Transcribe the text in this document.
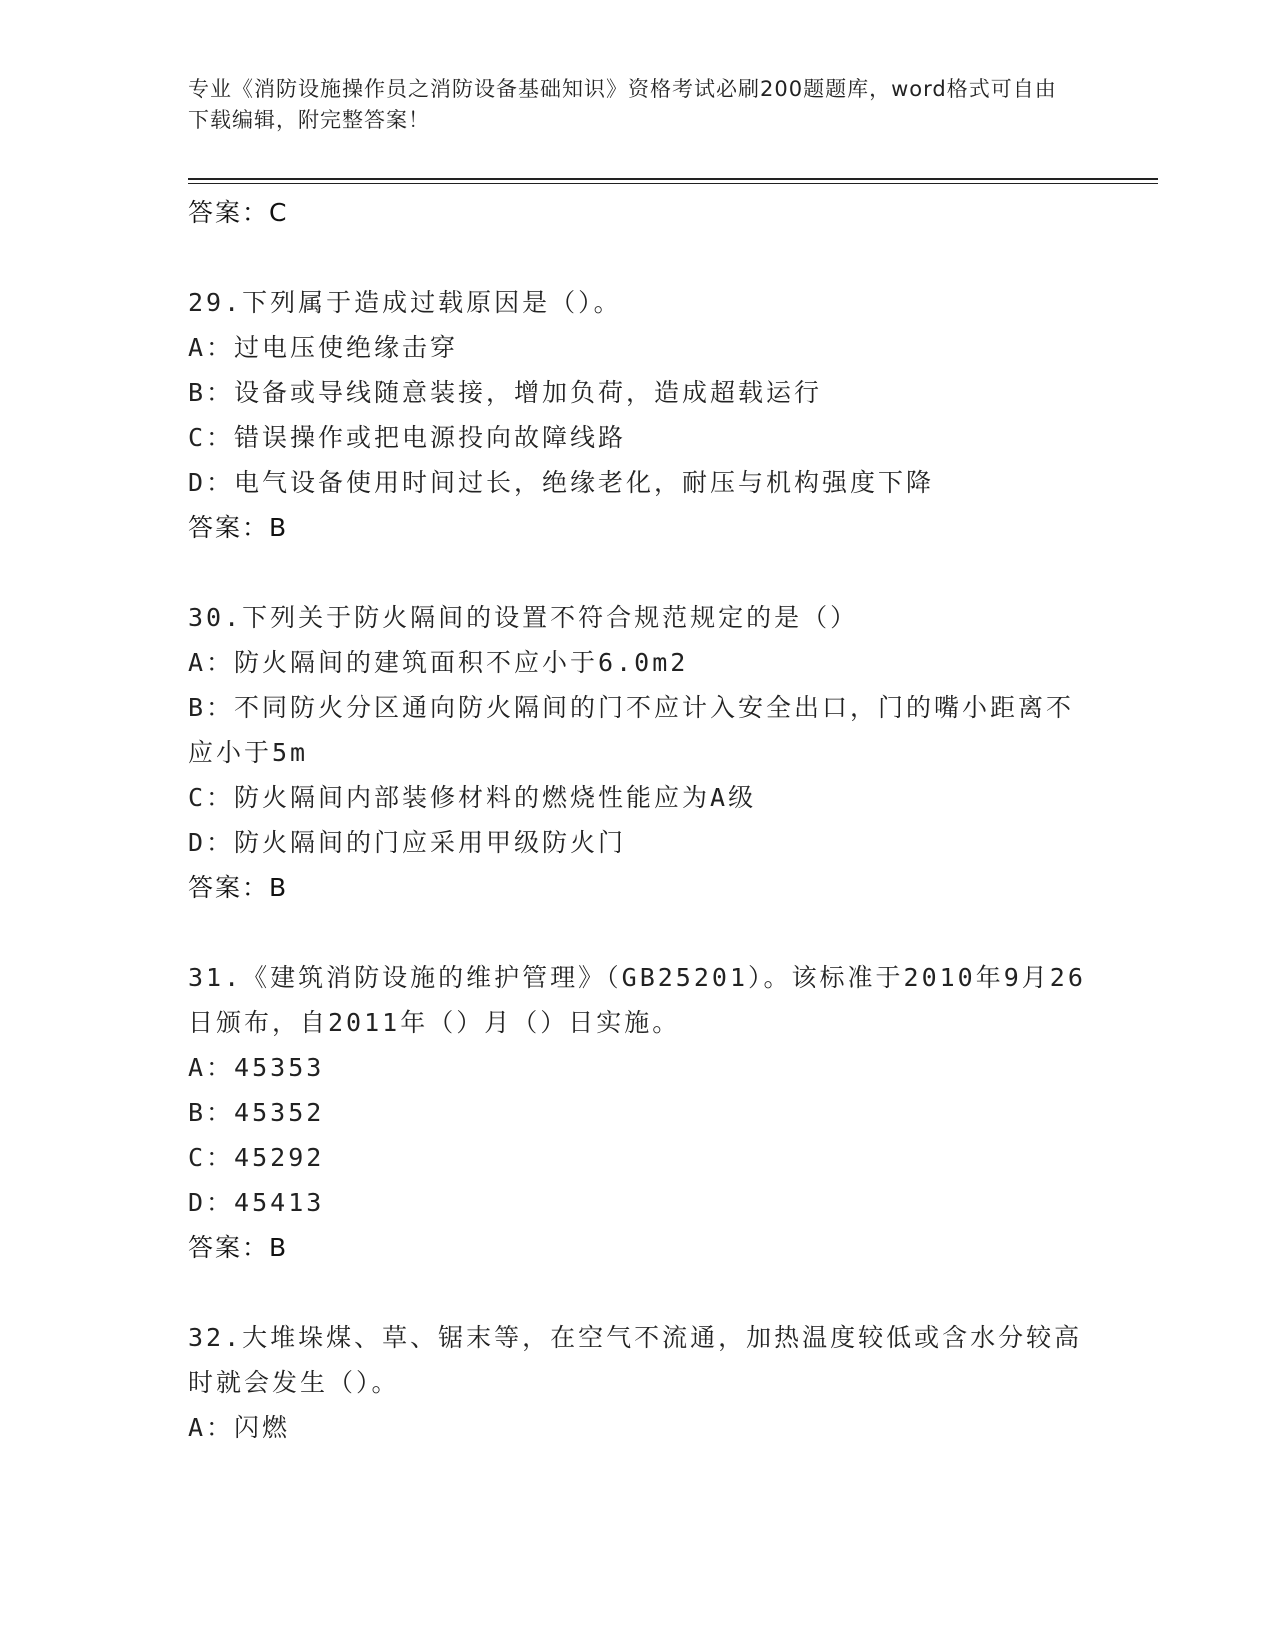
专业《消防设施操作员之消防设备基础知识》资格考试必刷200题题库，word格式可自由下载编辑，附完整答案！
答案：C
29.下列属于造成过载原因是（）。
A：过电压使绝缘击穿
B：设备或导线随意装接，增加负荷，造成超载运行
C：错误操作或把电源投向故障线路
D：电气设备使用时间过长，绝缘老化，耐压与机构强度下降
答案：B
30.下列关于防火隔间的设置不符合规范规定的是（）
A：防火隔间的建筑面积不应小于6.0m2
B：不同防火分区通向防火隔间的门不应计入安全出口，门的嘴小距离不应小于5m
C：防火隔间内部装修材料的燃烧性能应为A级
D：防火隔间的门应采用甲级防火门
答案：B
31.《建筑消防设施的维护管理》（GB25201）。该标准于2010年9月26日颁布，自2011年（）月（）日实施。
A：45353
B：45352
C：45292
D：45413
答案：B
32.大堆垛煤、草、锯末等，在空气不流通，加热温度较低或含水分较高时就会发生（）。
A：闪燃
